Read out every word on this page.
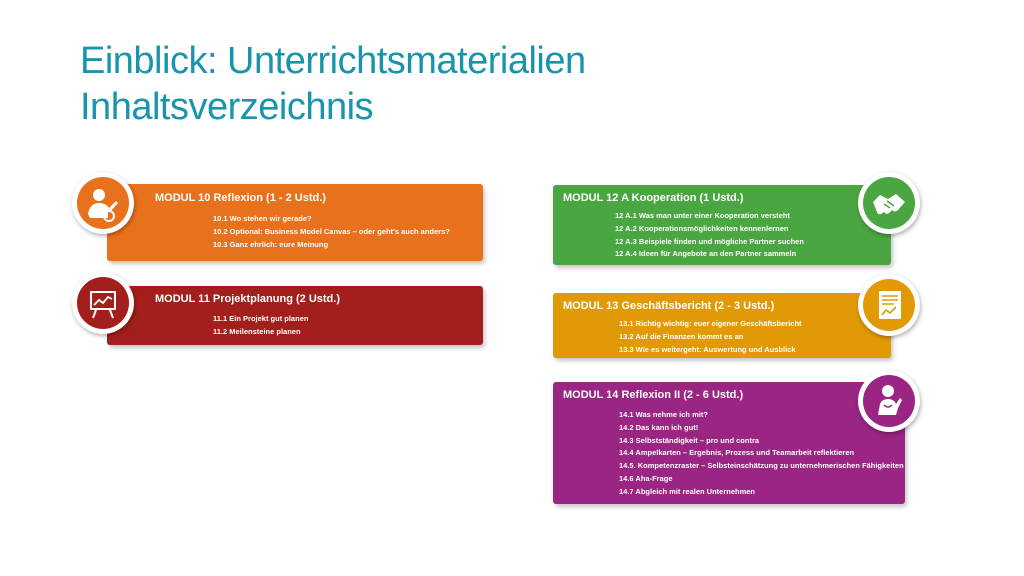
Einblick: Unterrichtsmaterialien
Inhaltsverzeichnis
MODUL 10 Reflexion (1 - 2 Ustd.)
10.1 Wo stehen wir gerade?
10.2 Optional: Business Model Canvas – oder geht's auch anders?
10.3 Ganz ehrlich: eure Meinung
MODUL 11 Projektplanung (2 Ustd.)
11.1 Ein Projekt gut planen
11.2 Meilensteine planen
MODUL 12 A Kooperation (1 Ustd.)
12 A.1 Was man unter einer Kooperation versteht
12 A.2 Kooperationsmöglichkeiten kennenlernen
12 A.3 Beispiele finden und mögliche Partner suchen
12 A.4 Ideen für Angebote an den Partner sammeln
MODUL 13 Geschäftsbericht (2 - 3 Ustd.)
13.1 Richtig wichtig: euer eigener Geschäftsbericht
13.2 Auf die Finanzen kommt es an
13.3 Wie es weitergeht: Auswertung und Ausblick
MODUL 14 Reflexion II (2 - 6 Ustd.)
14.1 Was nehme ich mit?
14.2 Das kann ich gut!
14.3 Selbstständigkeit – pro und contra
14.4 Ampelkarten – Ergebnis, Prozess und Teamarbeit reflektieren
14.5. Kompetenzraster – Selbsteinschätzung zu unternehmerischen Fähigkeiten
14.6 Aha-Frage
14.7 Abgleich mit realen Unternehmen
